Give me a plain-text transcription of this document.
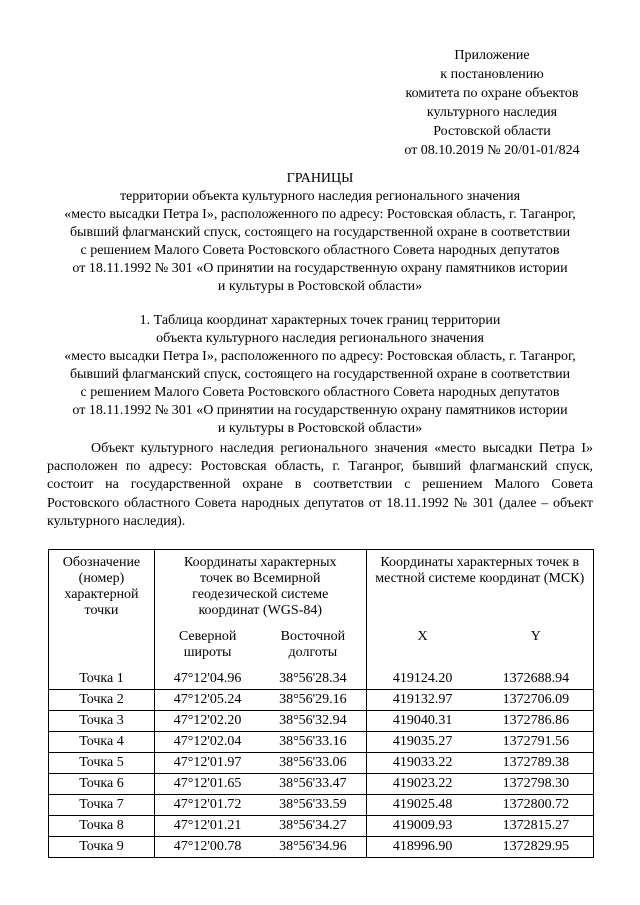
Приложение
к постановлению
комитета по охране объектов
культурного наследия
Ростовской области
от 08.10.2019 № 20/01-01/824
ГРАНИЦЫ
территории объекта культурного наследия регионального значения
«место высадки Петра I», расположенного по адресу: Ростовская область, г. Таганрог,
бывший флагманский спуск, состоящего на государственной охране в соответствии
с решением Малого Совета Ростовского областного Совета народных депутатов
от 18.11.1992 № 301 «О принятии на государственную охрану памятников истории
и культуры в Ростовской области»
1. Таблица координат характерных точек границ территории
объекта культурного наследия регионального значения
«место высадки Петра I», расположенного по адресу: Ростовская область, г. Таганрог,
бывший флагманский спуск, состоящего на государственной охране в соответствии
с решением Малого Совета Ростовского областного Совета народных депутатов
от 18.11.1992 № 301 «О принятии на государственную охрану памятников истории
и культуры в Ростовской области»

Объект культурного наследия регионального значения «место высадки Петра I» расположен по адресу: Ростовская область, г. Таганрог, бывший флагманский спуск, состоит на государственной охране в соответствии с решением Малого Совета Ростовского областного Совета народных депутатов от 18.11.1992 № 301 (далее – объект культурного наследия).

Обозначение (номер) характерной точки	Координаты характерных точек во Всемирной геодезической системе координат (WGS-84)		Координаты характерных точек в местной системе координат (МСК)	

	Северной широты	Восточной долготы	X	Y
Точка 1	47°12'04.96	38°56'28.34	419124.20	1372688.94
Точка 2	47°12'05.24	38°56'29.16	419132.97	1372706.09
Точка 3	47°12'02.20	38°56'32.94	419040.31	1372786.86
Точка 4	47°12'02.04	38°56'33.16	419035.27	1372791.56
Точка 5	47°12'01.97	38°56'33.06	419033.22	1372789.38
Точка 6	47°12'01.65	38°56'33.47	419023.22	1372798.30
Точка 7	47°12'01.72	38°56'33.59	419025.48	1372800.72
Точка 8	47°12'01.21	38°56'34.27	419009.93	1372815.27
Точка 9	47°12'00.78	38°56'34.96	418996.90	1372829.95
